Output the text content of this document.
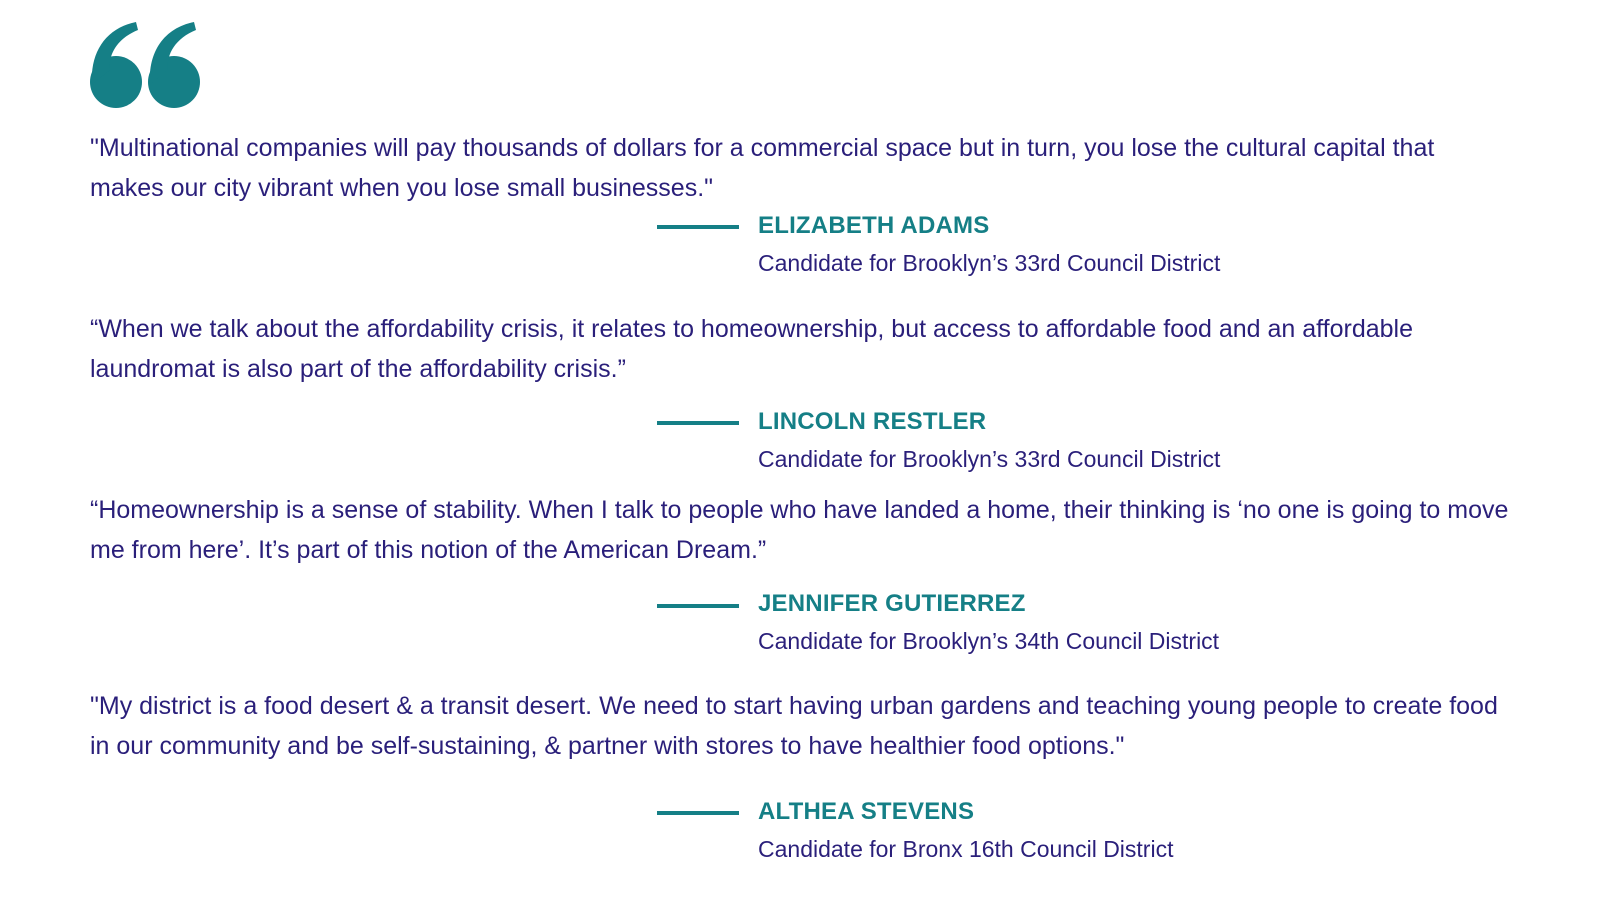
"Multinational companies will pay thousands of dollars for a commercial space but in turn, you lose the cultural capital that makes our city vibrant when you lose small businesses."

ELIZABETH ADAMS
Candidate for Brooklyn’s 33rd Council District

“When we talk about the affordability crisis, it relates to homeownership, but access to affordable food and an affordable laundromat is also part of the affordability crisis.”

LINCOLN RESTLER
Candidate for Brooklyn’s 33rd Council District

“Homeownership is a sense of stability. When I talk to people who have landed a home, their thinking is ‘no one is going to move me from here’. It’s part of this notion of the American Dream.”

JENNIFER GUTIERREZ
Candidate for Brooklyn’s 34th Council District

"My district is a food desert & a transit desert. We need to start having urban gardens and teaching young people to create food in our community and be self-sustaining, & partner with stores to have healthier food options."

ALTHEA STEVENS
Candidate for Bronx 16th Council District
